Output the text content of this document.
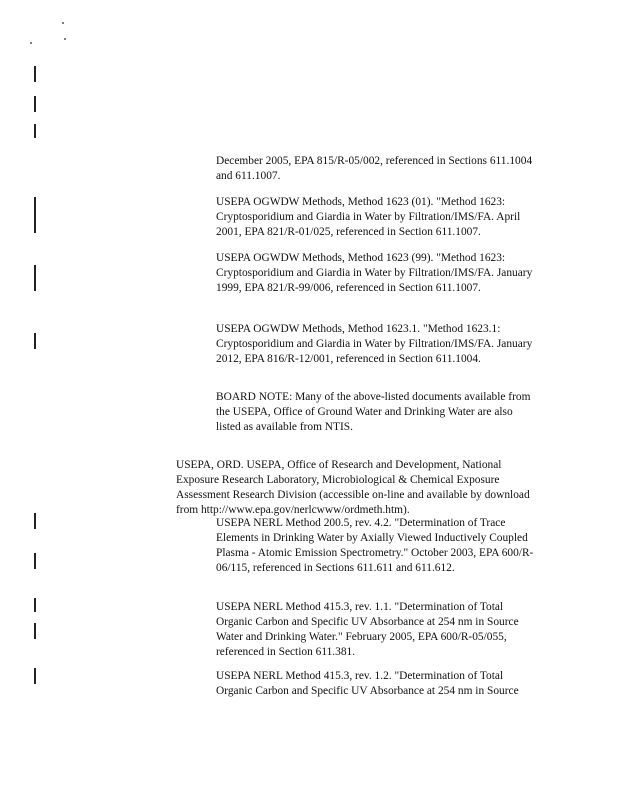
December 2005, EPA 815/R-05/002, referenced in Sections 611.1004 and 611.1007.

USEPA OGWDW Methods, Method 1623 (01). "Method 1623: Cryptosporidium and Giardia in Water by Filtration/IMS/FA. April 2001, EPA 821/R-01/025, referenced in Section 611.1007.

USEPA OGWDW Methods, Method 1623 (99). "Method 1623: Cryptosporidium and Giardia in Water by Filtration/IMS/FA. January 1999, EPA 821/R-99/006, referenced in Section 611.1007.

USEPA OGWDW Methods, Method 1623.1. "Method 1623.1: Cryptosporidium and Giardia in Water by Filtration/IMS/FA. January 2012, EPA 816/R-12/001, referenced in Section 611.1004.

BOARD NOTE: Many of the above-listed documents available from the USEPA, Office of Ground Water and Drinking Water are also listed as available from NTIS.

USEPA, ORD. USEPA, Office of Research and Development, National Exposure Research Laboratory, Microbiological & Chemical Exposure Assessment Research Division (accessible on-line and available by download from http://www.epa.gov/nerlcwww/ordmeth.htm).

USEPA NERL Method 200.5, rev. 4.2. "Determination of Trace Elements in Drinking Water by Axially Viewed Inductively Coupled Plasma - Atomic Emission Spectrometry." October 2003, EPA 600/R-06/115, referenced in Sections 611.611 and 611.612.

USEPA NERL Method 415.3, rev. 1.1. "Determination of Total Organic Carbon and Specific UV Absorbance at 254 nm in Source Water and Drinking Water." February 2005, EPA 600/R-05/055, referenced in Section 611.381.

USEPA NERL Method 415.3, rev. 1.2. "Determination of Total Organic Carbon and Specific UV Absorbance at 254 nm in Source
